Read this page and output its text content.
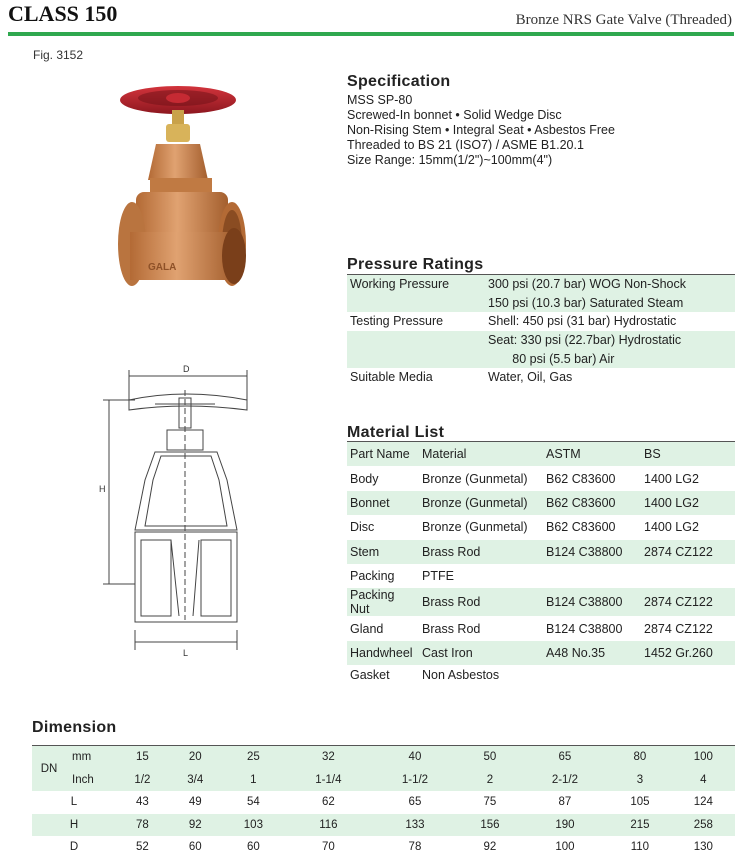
CLASS 150	Bronze NRS Gate Valve (Threaded)
Fig. 3152
GALA
D
H
L
Specification
MSS SP-80
Screwed-In bonnet • Solid Wedge Disc
Non-Rising Stem • Integral Seat • Asbestos Free
Threaded to BS 21 (ISO7) / ASME B1.20.1
Size Range: 15mm(1/2")~100mm(4")
Pressure Ratings
Working Pressure	300 psi (20.7 bar) WOG Non-Shock
	150 psi (10.3 bar) Saturated Steam
Testing Pressure	Shell: 450 psi (31 bar) Hydrostatic
	Seat: 330 psi (22.7bar) Hydrostatic
	80 psi (5.5 bar) Air
Suitable Media	Water, Oil, Gas
Material List
Part Name	Material	ASTM	BS
Body	Bronze (Gunmetal)	B62 C83600	1400 LG2
Bonnet	Bronze (Gunmetal)	B62 C83600	1400 LG2
Disc	Bronze (Gunmetal)	B62 C83600	1400 LG2
Stem	Brass Rod	B124 C38800	2874 CZ122
Packing	PTFE		
Packing Nut	Brass Rod	B124 C38800	2874 CZ122
Gland	Brass Rod	B124 C38800	2874 CZ122
Handwheel	Cast Iron	A48 No.35	1452 Gr.260
Gasket	Non Asbestos		
Dimension
DN	mm	15	20	25	32	40	50	65	80	100
	Inch	1/2	3/4	1	1-1/4	1-1/2	2	2-1/2	3	4
L		43	49	54	62	65	75	87	105	124
H		78	92	103	116	133	156	190	215	258
D		52	60	60	70	78	92	100	110	130
